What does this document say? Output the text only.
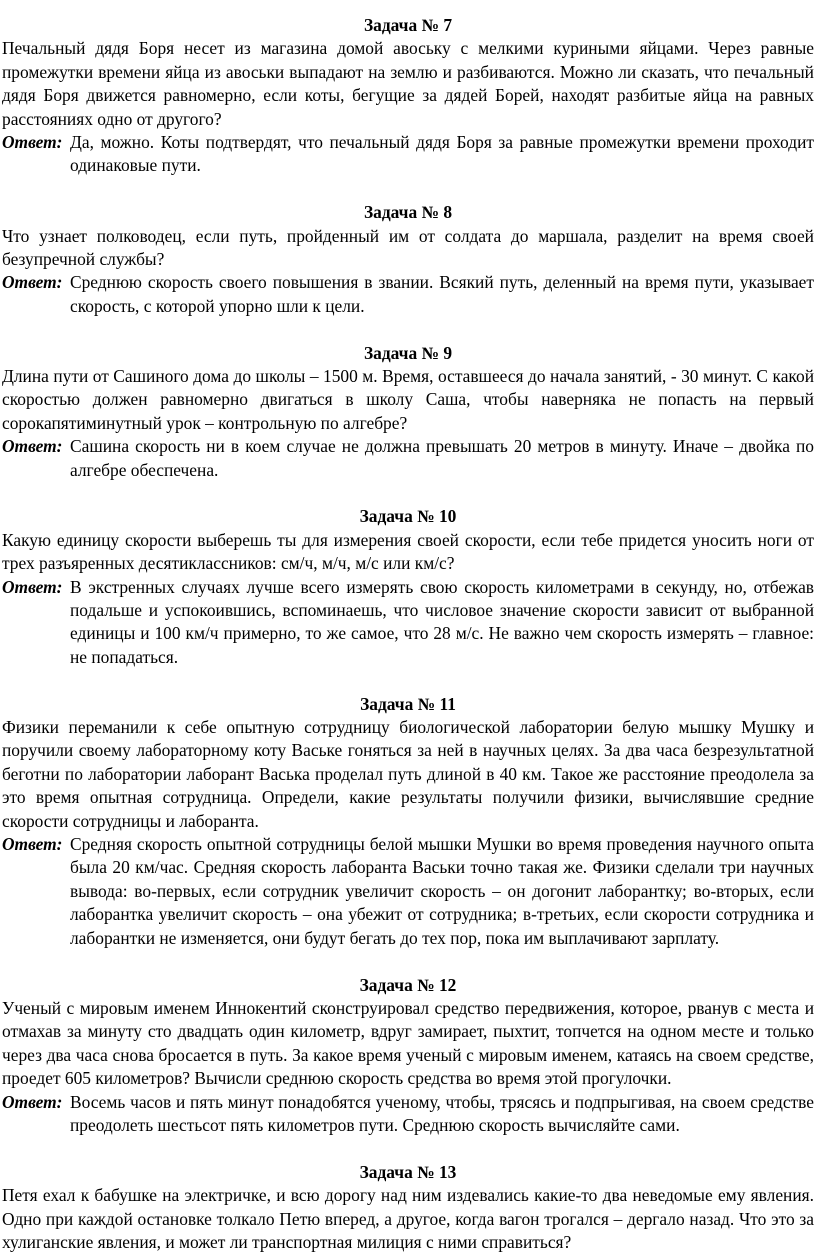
Задача № 7
Печальный дядя Боря несет из магазина домой авоську с мелкими куриными яйцами. Через равные промежутки времени яйца из авоськи выпадают на землю и разбиваются. Можно ли сказать, что печальный дядя Боря движется равномерно, если коты, бегущие за дядей Борей, находят разбитые яйца на равных расстояниях одно от другого?
Ответ: Да, можно. Коты подтвердят, что печальный дядя Боря за равные промежутки времени проходит одинаковые пути.
Задача № 8
Что узнает полководец, если путь, пройденный им от солдата до маршала, разделит на время своей безупречной службы?
Ответ: Среднюю скорость своего повышения в звании. Всякий путь, деленный на время пути, указывает скорость, с которой упорно шли к цели.
Задача № 9
Длина пути от Сашиного дома до школы – 1500 м. Время, оставшееся до начала занятий, - 30 минут. С какой скоростью должен равномерно двигаться в школу Саша, чтобы наверняка не попасть на первый сорокапятиминутный урок – контрольную по алгебре?
Ответ: Сашина скорость ни в коем случае не должна превышать 20 метров в минуту. Иначе – двойка по алгебре обеспечена.
Задача № 10
Какую единицу скорости выберешь ты для измерения своей скорости, если тебе придется уносить ноги от трех разъяренных десятиклассников: см/ч, м/ч, м/с или км/с?
Ответ: В экстренных случаях лучше всего измерять свою скорость километрами в секунду, но, отбежав подальше и успокоившись, вспоминаешь, что числовое значение скорости зависит от выбранной единицы и 100 км/ч примерно, то же самое, что 28 м/с. Не важно чем скорость измерять – главное: не попадаться.
Задача № 11
Физики переманили к себе опытную сотрудницу биологической лаборатории белую мышку Мушку и поручили своему лабораторному коту Ваське гоняться за ней в научных целях. За два часа безрезультатной беготни по лаборатории лаборант Васька проделал путь длиной в 40 км. Такое же расстояние преодолела за это время опытная сотрудница. Определи, какие результаты получили физики, вычислявшие средние скорости сотрудницы и лаборанта.
Ответ: Средняя скорость опытной сотрудницы белой мышки Мушки во время проведения научного опыта была 20 км/час. Средняя скорость лаборанта Васьки точно такая же. Физики сделали три научных вывода: во-первых, если сотрудник увеличит скорость – он догонит лаборантку; во-вторых, если лаборантка увеличит скорость – она убежит от сотрудника; в-третьих, если скорости сотрудника и лаборантки не изменяется, они будут бегать до тех пор, пока им выплачивают зарплату.
Задача № 12
Ученый с мировым именем Иннокентий сконструировал средство передвижения, которое, рванув с места и отмахав за минуту сто двадцать один километр, вдруг замирает, пыхтит, топчется на одном месте и только через два часа снова бросается в путь. За какое время ученый с мировым именем, катаясь на своем средстве, проедет 605 километров? Вычисли среднюю скорость средства во время этой прогулочки.
Ответ: Восемь часов и пять минут понадобятся ученому, чтобы, трясясь и подпрыгивая, на своем средстве преодолеть шестьсот пять километров пути. Среднюю скорость вычисляйте сами.
Задача № 13
Петя ехал к бабушке на электричке, и всю дорогу над ним издевались какие-то два неведомые ему явления. Одно при каждой остановке толкало Петю вперед, а другое, когда вагон трогался – дергало назад. Что это за хулиганские явления, и может ли транспортная милиция с ними справиться?
